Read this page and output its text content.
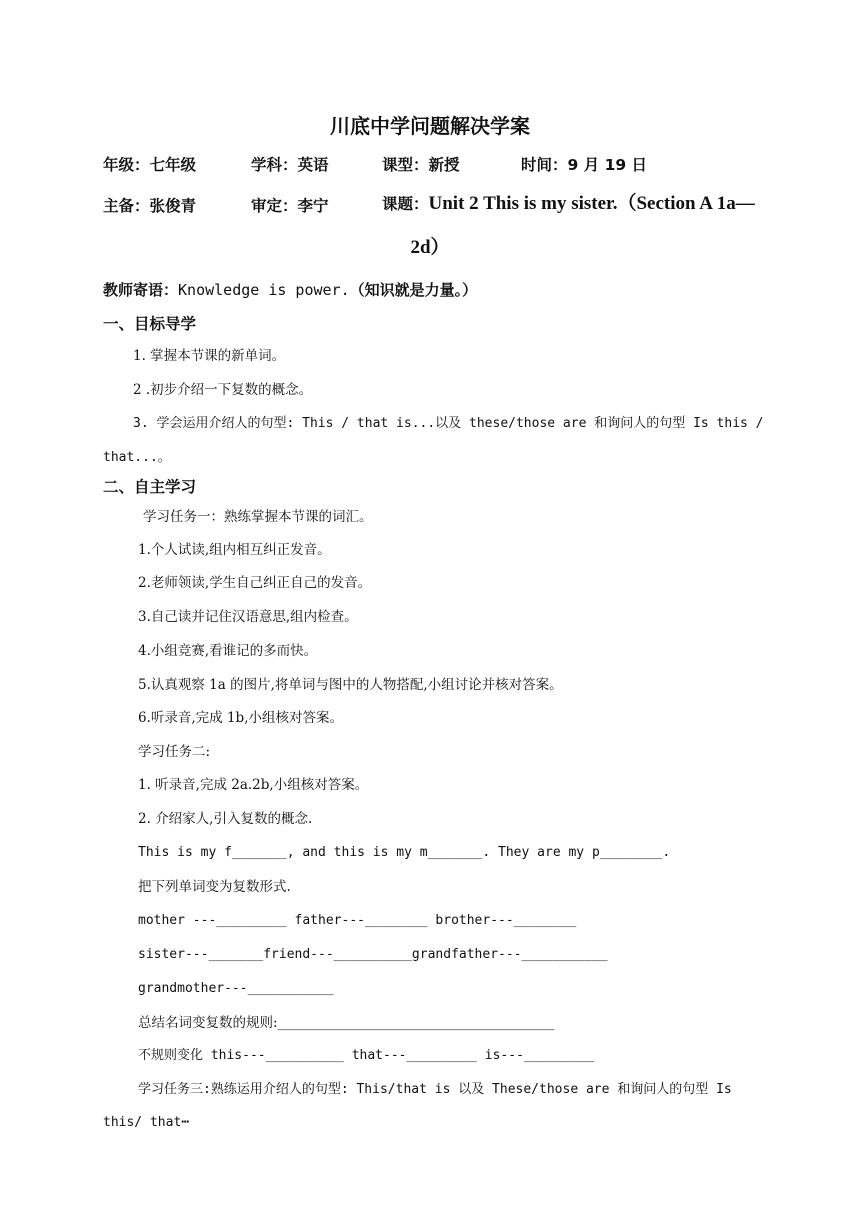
川底中学问题解决学案
年级：七年级	学科：英语	课型：新授	时间：9 月 19 日
主备：张俊青	审定：李宁	课题：Unit 2 This is my sister.（Section A 1a—
2d）
教师寄语：Knowledge is power.（知识就是力量。）
一、目标导学
1. 掌握本节课的新单词。
2 .初步介绍一下复数的概念。
3. 学会运用介绍人的句型: This / that is...以及 these/those are 和询问人的句型 Is this /
that...。
二、自主学习
学习任务一：熟练掌握本节课的词汇。
1.个人试读,组内相互纠正发音。
2.老师领读,学生自己纠正自己的发音。
3.自己读并记住汉语意思,组内检查。
4.小组竞赛,看谁记的多而快。
5.认真观察 1a 的图片,将单词与图中的人物搭配,小组讨论并核对答案。
6.听录音,完成 1b,小组核对答案。
学习任务二:
1. 听录音,完成 2a.2b,小组核对答案。
2. 介绍家人,引入复数的概念.
This is my f_______, and this is my m_______. They are my p________.
把下列单词变为复数形式.
mother ---_________ father---________ brother---________
sister---_______friend---__________grandfather---___________
grandmother---___________
总结名词变复数的规则:_________________________________________
不规则变化 this---__________ that---_________ is---_________
学习任务三:熟练运用介绍人的句型: This/that is 以及 These/those are 和询问人的句型 Is
this/ that┅
